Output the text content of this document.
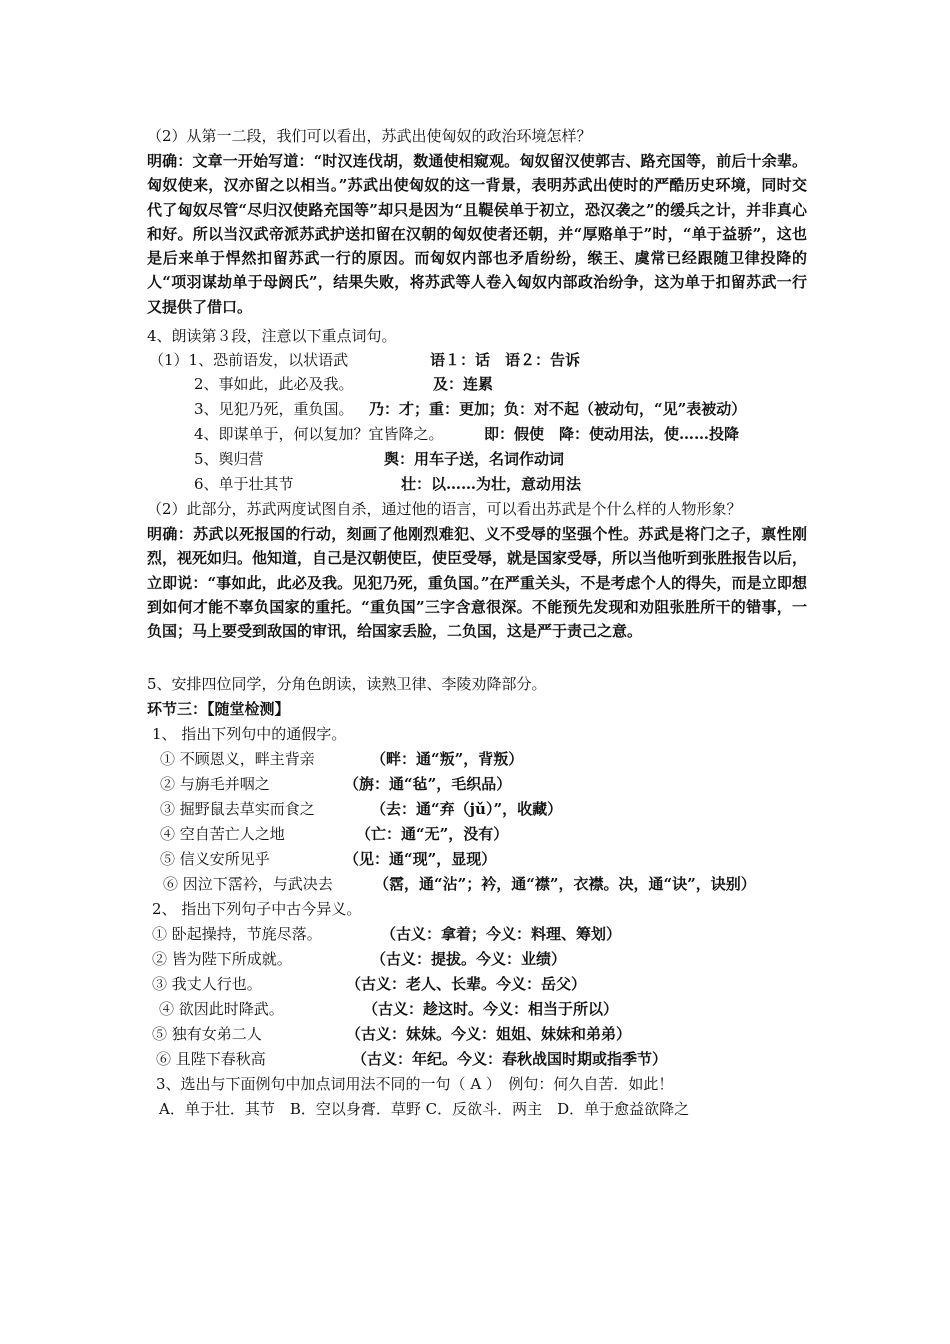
（2）从第一二段，我们可以看出，苏武出使匈奴的政治环境怎样？
明确：文章一开始写道：“时汉连伐胡，数通使相窥观。匈奴留汉使郭吉、路充国等，前后十余辈。匈奴使来，汉亦留之以相当。”苏武出使匈奴的这一背景，表明苏武出使时的严酷历史环境，同时交代了匈奴尽管“尽归汉使路充国等”却只是因为“且鞮侯单于初立，恐汉袭之”的缓兵之计，并非真心和好。所以当汉武帝派苏武护送扣留在汉朝的匈奴使者还朝，并“厚赂单于”时，“单于益骄”，这也是后来单于悍然扣留苏武一行的原因。而匈奴内部也矛盾纷纷，缑王、虞常已经跟随卫律投降的人“项羽谋劫单于母阏氏”，结果失败，将苏武等人卷入匈奴内部政治纷争，这为单于扣留苏武一行又提供了借口。
4、朗读第３段，注意以下重点词句。
（1）1、恐前语发，以状语武	语１：话　语２：告诉
2、事如此，此必及我。	及：连累
3、见犯乃死，重负国。 乃：才；重：更加；负：对不起（被动句，“见”表被动）
4、即谋单于，何以复加？宜皆降之。	即：假使　降：使动用法，使……投降
5、舆归营	舆：用车子送，名词作动词
6、单于壮其节	壮：以……为壮，意动用法
（2）此部分，苏武两度试图自杀，通过他的语言，可以看出苏武是个什么样的人物形象？
明确：苏武以死报国的行动，刻画了他刚烈难犯、义不受辱的坚强个性。苏武是将门之子，禀性刚烈，视死如归。他知道，自己是汉朝使臣，使臣受辱，就是国家受辱，所以当他听到张胜报告以后，立即说：“事如此，此必及我。见犯乃死，重负国。”在严重关头，不是考虑个人的得失，而是立即想到如何才能不辜负国家的重托。“重负国”三字含意很深。不能预先发现和劝阻张胜所干的错事，一负国；马上要受到敌国的审讯，给国家丢脸，二负国，这是严于责己之意。
5、安排四位同学，分角色朗读，读熟卫律、李陵劝降部分。
环节三：【随堂检测】
1、 指出下列句中的通假字。
① 不顾恩义，畔主背亲	（畔：通“叛”，背叛）
② 与旃毛并咽之	（旃：通“毡”，毛织品）
③ 掘野鼠去草实而食之	（去：通“弃（jǔ）”，收藏）
④ 空自苦亡人之地	（亡：通“无”，没有）
⑤ 信义安所见乎	（见：通“现”，显现）
⑥ 因泣下霑衿，与武决去	（霑，通“沾”；衿，通“襟”，衣襟。决，通“诀”，诀别）
2、 指出下列句子中古今异义。
① 卧起操持，节旄尽落。	（古义：拿着；今义：料理、筹划）
② 皆为陛下所成就。	（古义：提拔。今义：业绩）
③ 我丈人行也。	（古义：老人、长辈。今义：岳父）
④ 欲因此时降武。	（古义：趁这时。今义：相当于所以）
⑤ 独有女弟二人	（古义：妹妹。今义：姐姐、妹妹和弟弟）
⑥ 且陛下春秋高	（古义：年纪。今义：春秋战国时期或指季节）
3、选出与下面例句中加点词用法不同的一句（ A ）　例句：何久自苦．如此！
A．单于壮．其节　B．空以身膏．草野 C．反欲斗．两主　D．单于愈益欲降之
